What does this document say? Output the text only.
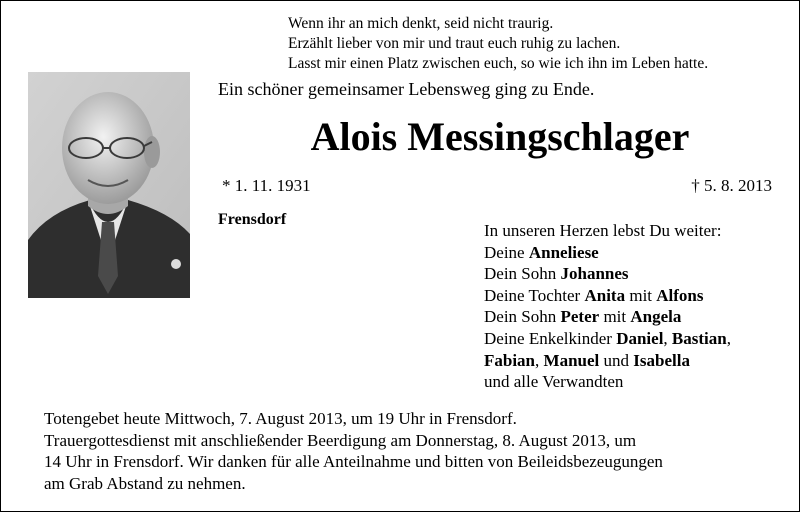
Wenn ihr an mich denkt, seid nicht traurig.
Erzählt lieber von mir und traut euch ruhig zu lachen.
Lasst mir einen Platz zwischen euch, so wie ich ihn im Leben hatte.
Ein schöner gemeinsamer Lebensweg ging zu Ende.
Alois Messingschlager
* 1. 11. 1931	† 5. 8. 2013
Frensdorf
In unseren Herzen lebst Du weiter:
Deine Anneliese
Dein Sohn Johannes
Deine Tochter Anita mit Alfons
Dein Sohn Peter mit Angela
Deine Enkelkinder Daniel, Bastian,
Fabian, Manuel und Isabella
und alle Verwandten
Totengebet heute Mittwoch, 7. August 2013, um 19 Uhr in Frensdorf.
Trauergottesdienst mit anschließender Beerdigung am Donnerstag, 8. August 2013, um
14 Uhr in Frensdorf. Wir danken für alle Anteilnahme und bitten von Beileidsbezeugungen
am Grab Abstand zu nehmen.
